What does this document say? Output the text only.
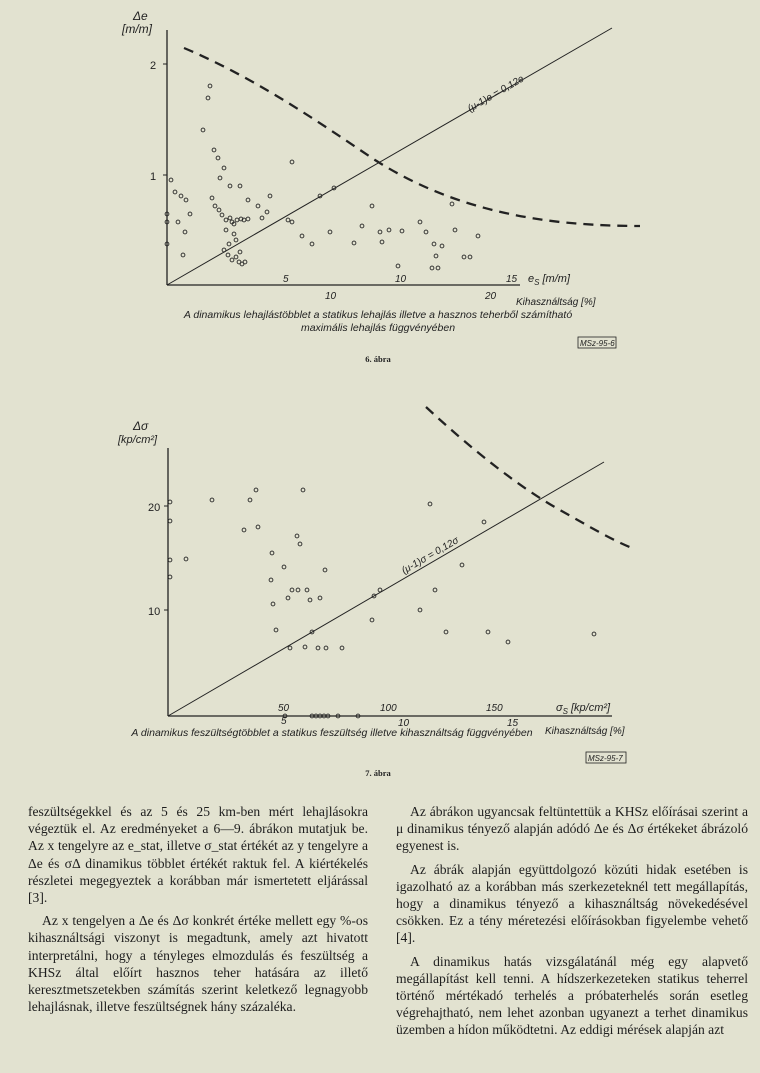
Δe
[m/m]
2
1
5	10	15 $e_S$ [m/m]
10	20
Kihasználtság [%]
(μ-1)e = 0,12e
A dinamikus lehajlástöbblet a statikus lehajlás illetve a hasznos teherből számítható
maximális lehajlás függvényében
MSz-95-6
6. ábra
Δσ
[kp/cm²]
20
10
50	100	150	$\sigma_S$ [kp/cm²]
5	10	15
Kihasználtság [%]
(μ-1)σ = 0,12σ
A dinamikus feszültségtöbblet a statikus feszültség illetve kihasználtság függvényében
MSz-95-7
7. ábra

feszültségekkel és az 5 és 25 km-ben mért lehajlásokra végeztük el. Az eredményeket a 6—9. ábrákon mutatjuk be. Az x tengelyre az e_stat, illetve σ_stat értékét az y tengelyre a Δe és σΔ dinamikus többlet értékét raktuk fel. A kiértékelés részletei megegyeztek a korábban már ismertetett eljárással [3].

Az x tengelyen a Δe és Δσ konkrét értéke mellett egy %-os kihasználtsági viszonyt is megadtunk, amely azt hivatott interpretálni, hogy a tényleges elmozdulás és feszültség a KHSz által előírt hasznos teher hatására az illető keresztmetszetekben számítás szerint keletkező legnagyobb lehajlásnak, illetve feszültségnek hány százaléka.

Az ábrákon ugyancsak feltüntettük a KHSz előírásai szerint a μ dinamikus tényező alapján adódó Δe és Δσ értékeket ábrázoló egyenest is.

Az ábrák alapján együttdolgozó közúti hidak esetében is igazolható az a korábban más szerkezeteknél tett megállapítás, hogy a dinamikus tényező a kihasználtság növekedésével csökken. Ez a tény méretezési előírásokban figyelembe vehető [4].

A dinamikus hatás vizsgálatánál még egy alapvető megállapítást kell tenni. A hídszerkezeteken statikus teherrel történő mértékadó terhelés a próbaterhelés során esetleg végrehajtható, nem lehet azonban ugyanezt a terhet dinamikus üzemben a hídon működtetni. Az eddigi mérések alapján azt
